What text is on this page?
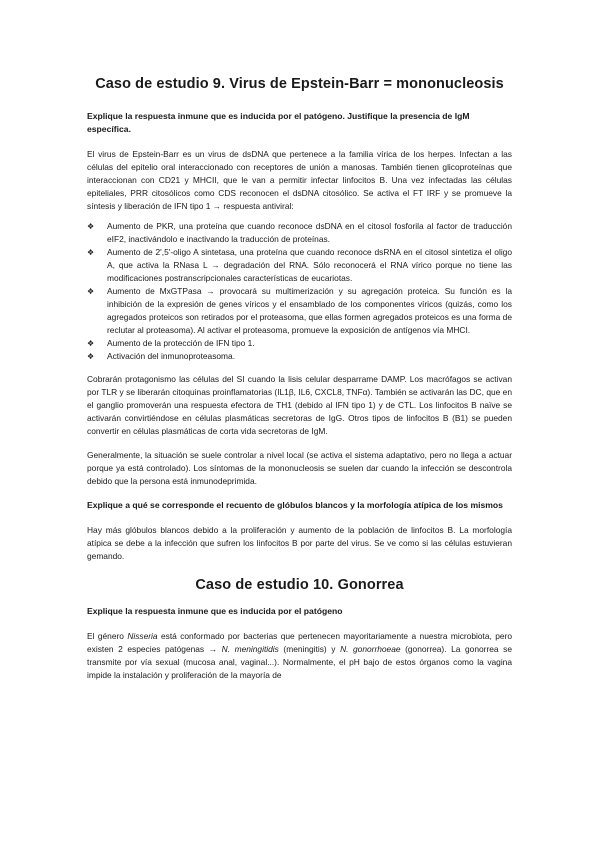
Caso de estudio 9. Virus de Epstein-Barr = mononucleosis
Explique la respuesta inmune que es inducida por el patógeno. Justifique la presencia de IgM específica.

El virus de Epstein-Barr es un virus de dsDNA que pertenece a la familia vírica de los herpes. Infectan a las células del epitelio oral interaccionado con receptores de unión a manosas. También tienen glicoproteínas que interaccionan con CD21 y MHCII, que le van a permitir infectar linfocitos B. Una vez infectadas las células epiteliales, PRR citosólicos como CDS reconocen el dsDNA citosólico. Se activa el FT IRF y se promueve la síntesis y liberación de IFN tipo 1 → respuesta antiviral:

❖ Aumento de PKR, una proteína que cuando reconoce dsDNA en el citosol fosforila al factor de traducción eIF2, inactivándolo e inactivando la traducción de proteínas.
❖ Aumento de 2',5'-oligo A sintetasa, una proteína que cuando reconoce dsRNA en el citosol sintetiza el oligo A, que activa la RNasa L → degradación del RNA. Sólo reconocerá el RNA vírico porque no tiene las modificaciones postranscripcionales características de eucariotas.
❖ Aumento de MxGTPasa → provocará su multimerización y su agregación proteica. Su función es la inhibición de la expresión de genes víricos y el ensamblado de los componentes víricos (quizás, como los agregados proteicos son retirados por el proteasoma, que ellas formen agregados proteicos es una forma de reclutar al proteasoma). Al activar el proteasoma, promueve la exposición de antígenos vía MHCI.
❖ Aumento de la protección de IFN tipo 1.
❖ Activación del inmunoproteasoma.

Cobrarán protagonismo las células del SI cuando la lisis celular desparrame DAMP. Los macrófagos se activan por TLR y se liberarán citoquinas proinflamatorias (IL1β, IL6, CXCL8, TNFα). También se activarán las DC, que en el ganglio promoverán una respuesta efectora de TH1 (debido al IFN tipo 1) y de CTL. Los linfocitos B naïve se activarán convirtiéndose en células plasmáticas secretoras de IgG. Otros tipos de linfocitos B (B1) se pueden convertir en células plasmáticas de corta vida secretoras de IgM.

Generalmente, la situación se suele controlar a nivel local (se activa el sistema adaptativo, pero no llega a actuar porque ya está controlado). Los síntomas de la mononucleosis se suelen dar cuando la infección se descontrola debido que la persona está inmunodeprimida.

Explique a qué se corresponde el recuento de glóbulos blancos y la morfología atípica de los mismos

Hay más glóbulos blancos debido a la proliferación y aumento de la población de linfocitos B. La morfología atípica se debe a la infección que sufren los linfocitos B por parte del virus. Se ve como si las células estuvieran gemando.

Caso de estudio 10. Gonorrea
Explique la respuesta inmune que es inducida por el patógeno

El género Nisseria está conformado por bacterias que pertenecen mayoritariamente a nuestra microbiota, pero existen 2 especies patógenas → N. meningitidis (meningitis) y N. gonorrhoeae (gonorrea). La gonorrea se transmite por vía sexual (mucosa anal, vaginal...). Normalmente, el pH bajo de estos órganos como la vagina impide la instalación y proliferación de la mayoría de
